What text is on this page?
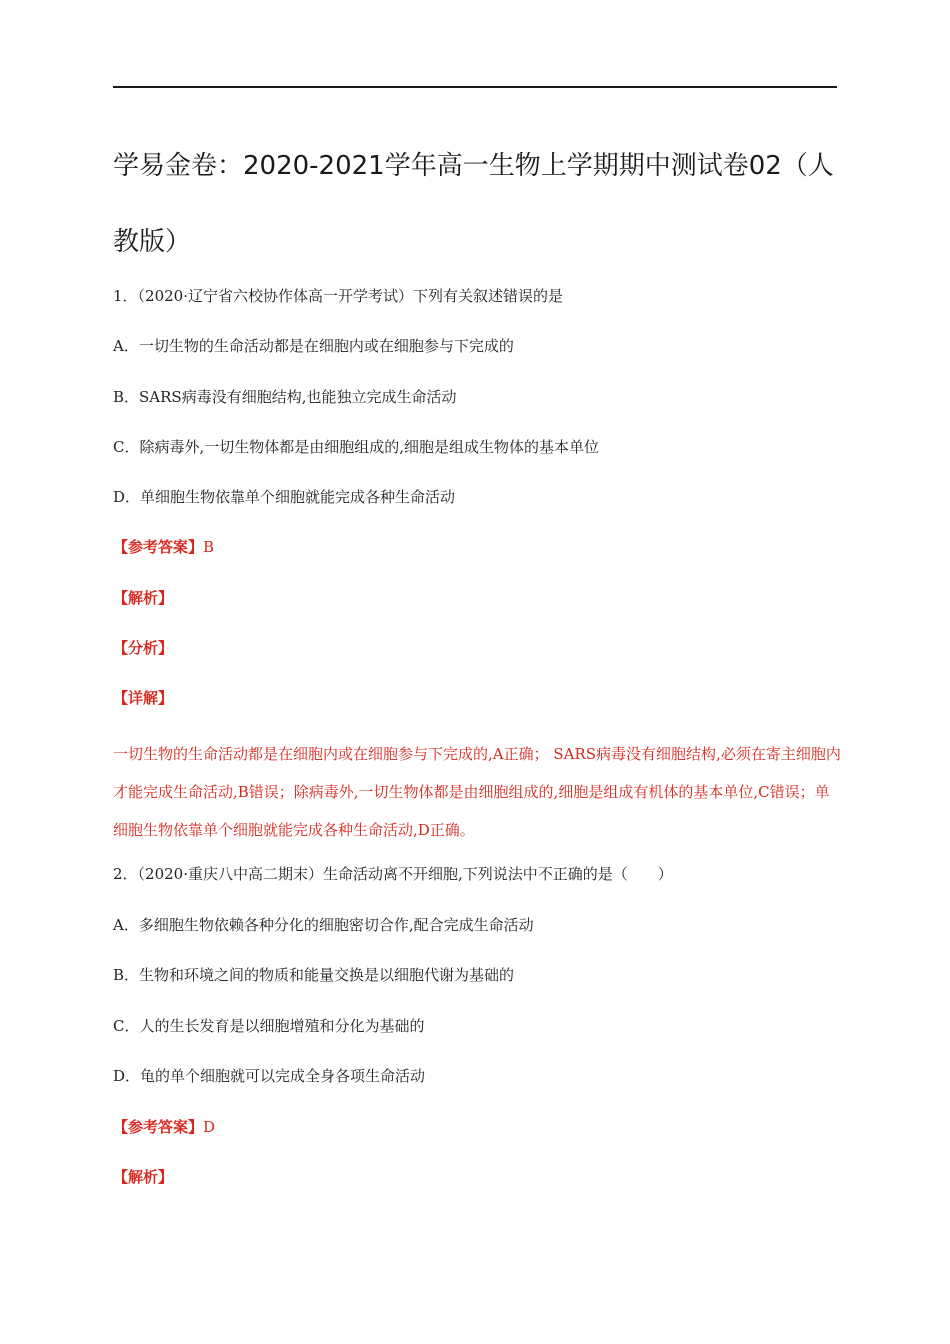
学易金卷：2020-2021学年高一生物上学期期中测试卷02（人教版）
1．（2020·辽宁省六校协作体高一开学考试）下列有关叙述错误的是
A．一切生物的生命活动都是在细胞内或在细胞参与下完成的
B．SARS病毒没有细胞结构,也能独立完成生命活动
C．除病毒外,一切生物体都是由细胞组成的,细胞是组成生物体的基本单位
D．单细胞生物依靠单个细胞就能完成各种生命活动
【参考答案】B
【解析】
【分析】
【详解】
一切生物的生命活动都是在细胞内或在细胞参与下完成的,A正确； SARS病毒没有细胞结构,必须在寄主细胞内才能完成生命活动,B错误；除病毒外,一切生物体都是由细胞组成的,细胞是组成有机体的基本单位,C错误；单细胞生物依靠单个细胞就能完成各种生命活动,D正确。
2．（2020·重庆八中高二期末）生命活动离不开细胞,下列说法中不正确的是（　　）
A．多细胞生物依赖各种分化的细胞密切合作,配合完成生命活动
B．生物和环境之间的物质和能量交换是以细胞代谢为基础的
C．人的生长发育是以细胞增殖和分化为基础的
D．龟的单个细胞就可以完成全身各项生命活动
【参考答案】D
【解析】
